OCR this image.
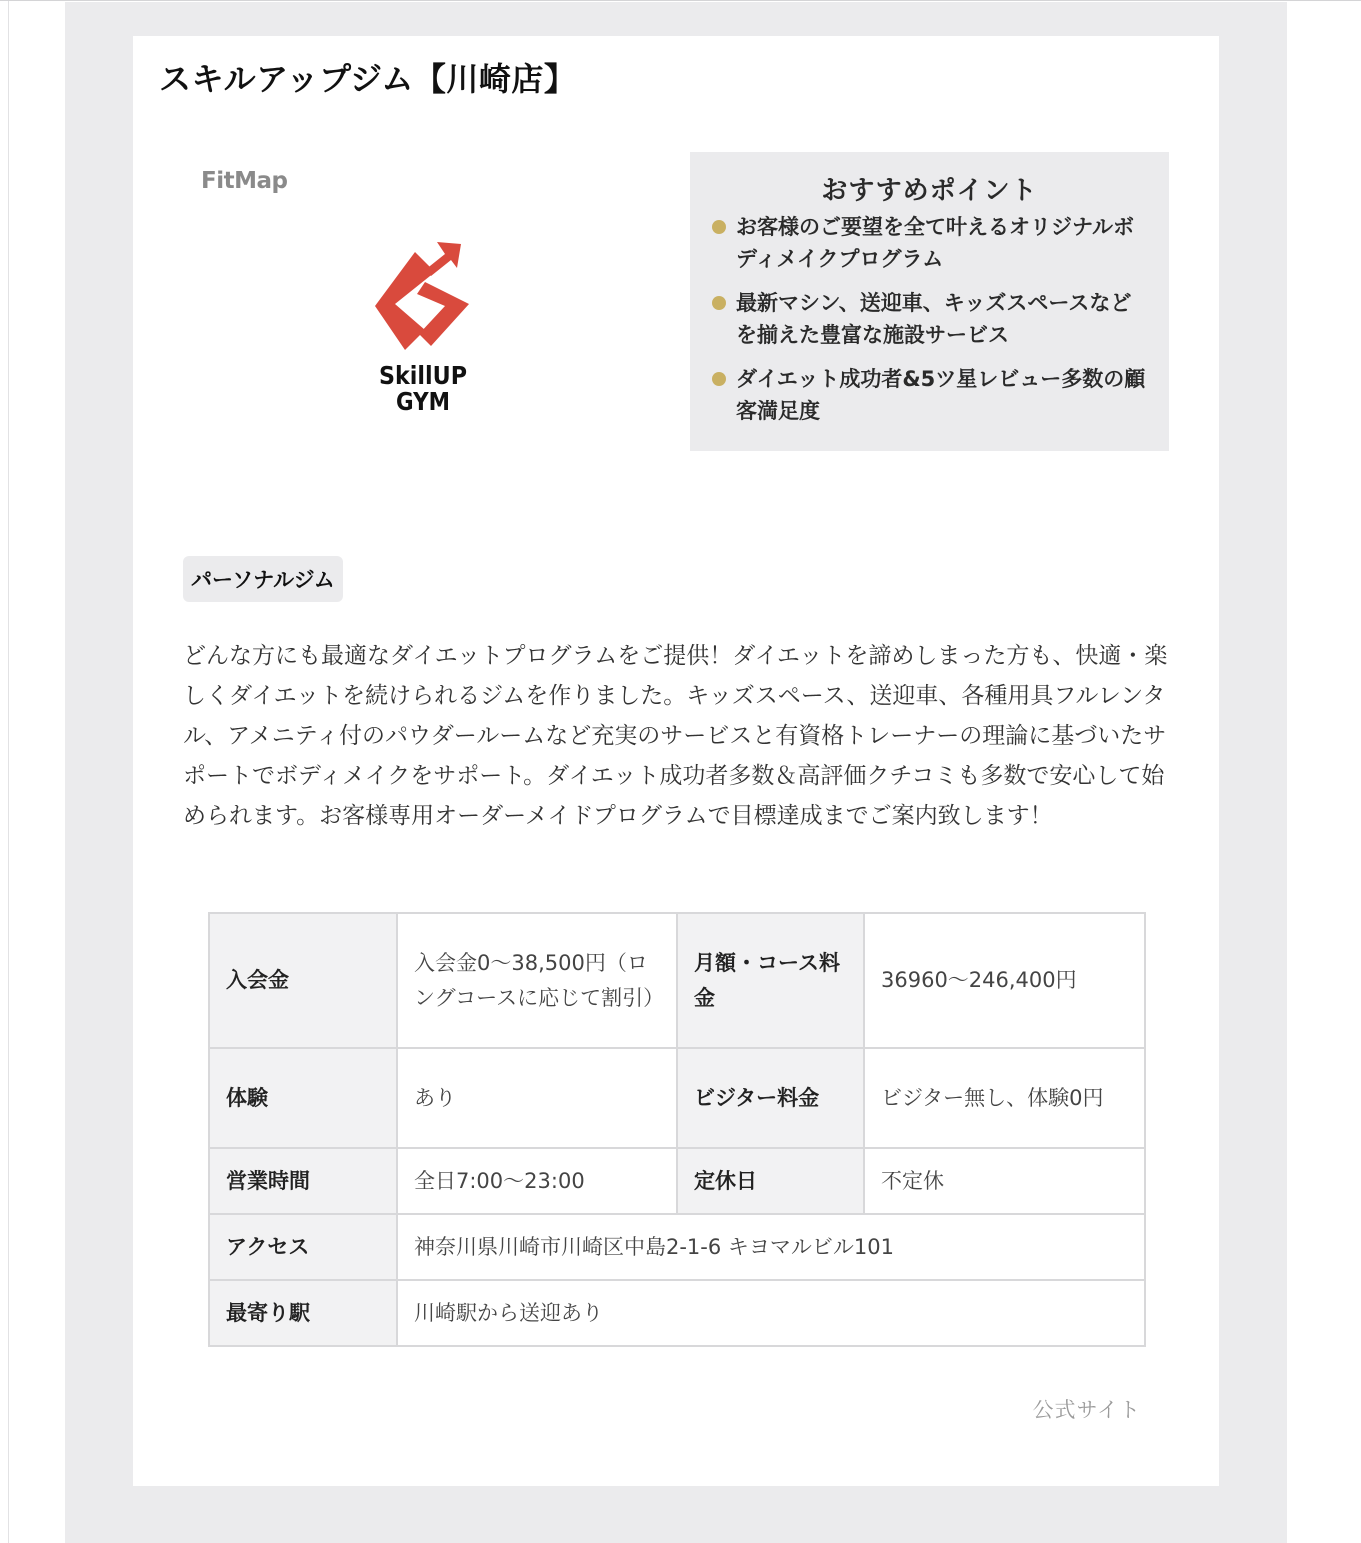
スキルアップジム【川崎店】
FitMap
SkillUP
GYM
おすすめポイント
お客様のご要望を全て叶えるオリジナルボディメイクプログラム
最新マシン、送迎車、キッズスペースなどを揃えた豊富な施設サービス
ダイエット成功者&5ツ星レビュー多数の顧客満足度
パーソナルジム

どんな方にも最適なダイエットプログラムをご提供！ダイエットを諦めしまった方も、快適・楽しくダイエットを続けられるジムを作りました。キッズスペース、送迎車、各種用具フルレンタル、アメニティ付のパウダールームなど充実のサービスと有資格トレーナーの理論に基づいたサポートでボディメイクをサポート。ダイエット成功者多数＆高評価クチコミも多数で安心して始められます。お客様専用オーダーメイドプログラムで目標達成までご案内致します！

入会金	入会金0〜38,500円（ロングコースに応じて割引）	月額・コース料金	36960〜246,400円
体験	あり	ビジター料金	ビジター無し、体験0円
営業時間	全日7:00〜23:00	定休日	不定休
アクセス	神奈川県川崎市川崎区中島2-1-6 キヨマルビル101		
最寄り駅	川崎駅から送迎あり		
公式サイト
